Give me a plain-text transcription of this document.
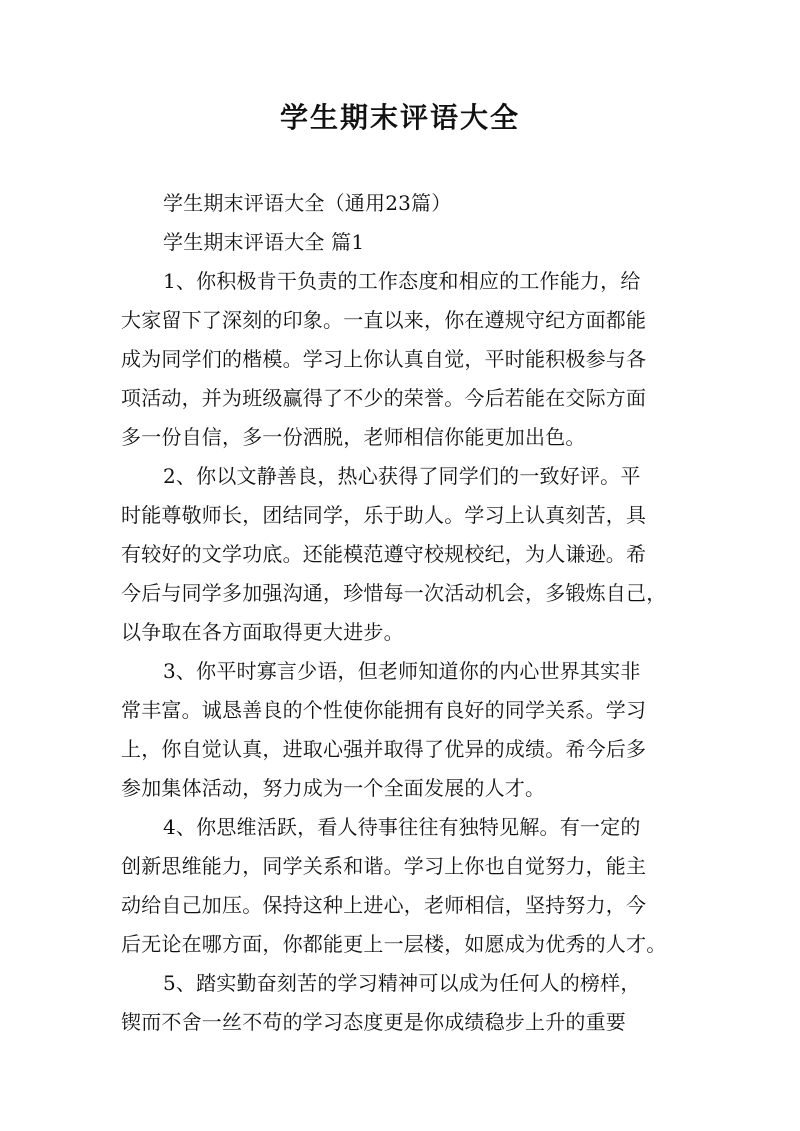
学生期末评语大全

学生期末评语大全（通用23篇）

学生期末评语大全 篇1

1、你积极肯干负责的工作态度和相应的工作能力，给

大家留下了深刻的印象。一直以来，你在遵规守纪方面都能

成为同学们的楷模。学习上你认真自觉，平时能积极参与各

项活动，并为班级赢得了不少的荣誉。今后若能在交际方面

多一份自信，多一份洒脱，老师相信你能更加出色。

2、你以文静善良，热心获得了同学们的一致好评。平

时能尊敬师长，团结同学，乐于助人。学习上认真刻苦，具

有较好的文学功底。还能模范遵守校规校纪，为人谦逊。希

今后与同学多加强沟通，珍惜每一次活动机会，多锻炼自己，

以争取在各方面取得更大进步。

3、你平时寡言少语，但老师知道你的内心世界其实非

常丰富。诚恳善良的个性使你能拥有良好的同学关系。学习

上，你自觉认真，进取心强并取得了优异的成绩。希今后多

参加集体活动，努力成为一个全面发展的人才。

4、你思维活跃，看人待事往往有独特见解。有一定的

创新思维能力，同学关系和谐。学习上你也自觉努力，能主

动给自己加压。保持这种上进心，老师相信，坚持努力，今

后无论在哪方面，你都能更上一层楼，如愿成为优秀的人才。

5、踏实勤奋刻苦的学习精神可以成为任何人的榜样，

锲而不舍一丝不苟的学习态度更是你成绩稳步上升的重要
